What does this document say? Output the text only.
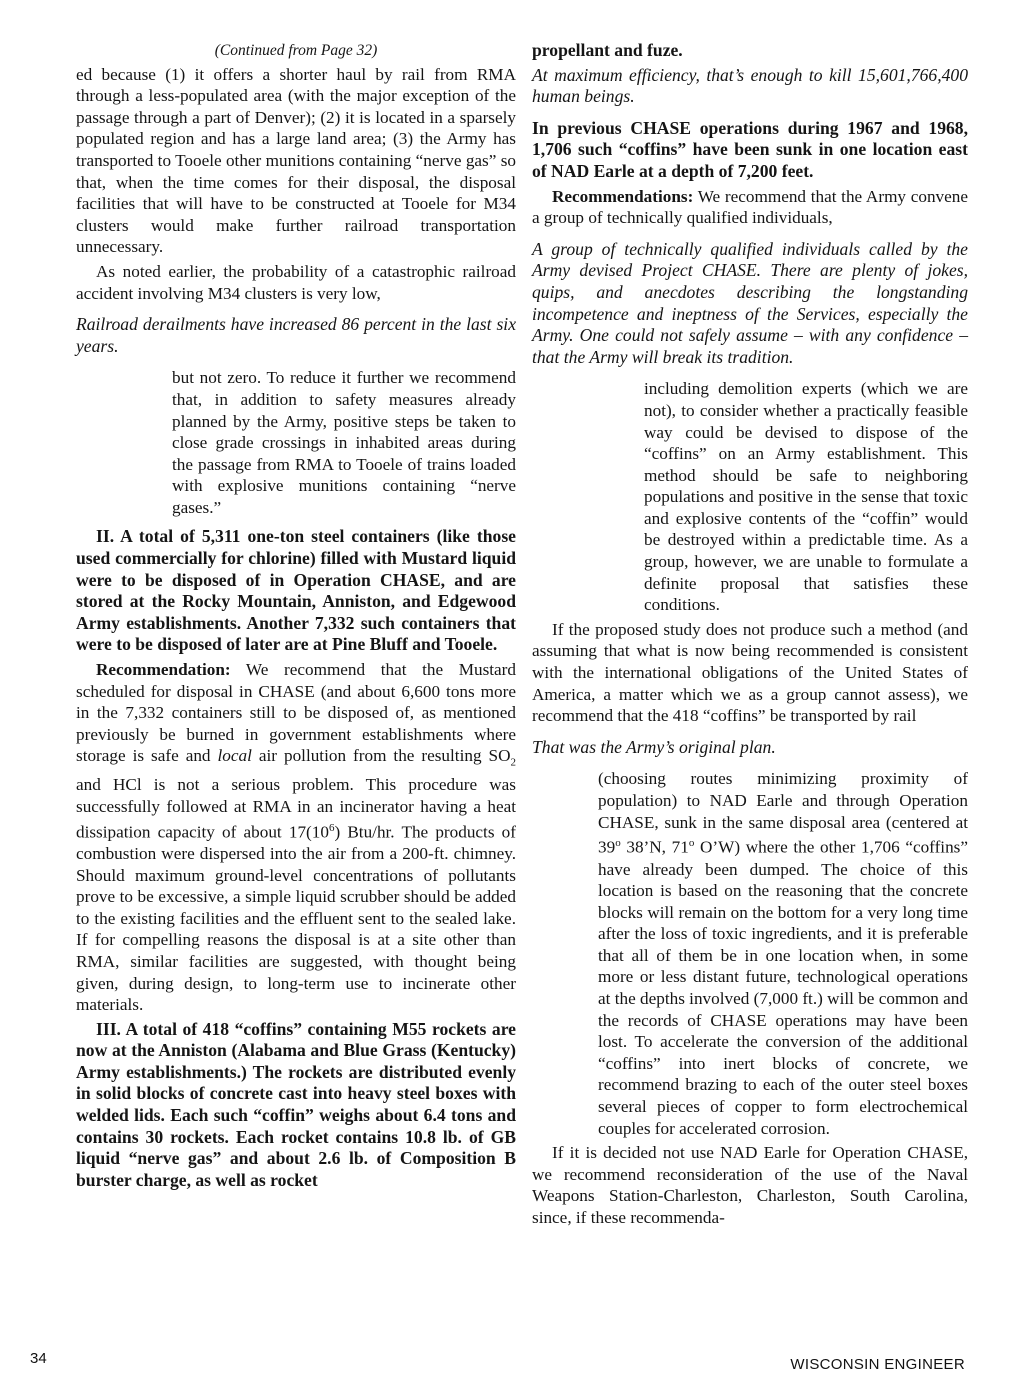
(Continued from Page 32)

ed because (1) it offers a shorter haul by rail from RMA through a less-populated area (with the major exception of the passage through a part of Denver); (2) it is located in a sparsely populated region and has a large land area; (3) the Army has transported to Tooele other munitions containing “nerve gas” so that, when the time comes for their disposal, the disposal facilities that will have to be constructed at Tooele for M34 clusters would make further railroad transportation unnecessary.

As noted earlier, the probability of a catastrophic railroad accident involving M34 clusters is very low,

Railroad derailments have increased 86 percent in the last six years.

but not zero. To reduce it further we recommend that, in addition to safety measures already planned by the Army, positive steps be taken to close grade crossings in inhabited areas during the passage from RMA to Tooele of trains loaded with explosive munitions containing “nerve gases.”

II. A total of 5,311 one-ton steel containers (like those used commercially for chlorine) filled with Mustard liquid were to be disposed of in Operation CHASE, and are stored at the Rocky Mountain, Anniston, and Edgewood Army establishments. Another 7,332 such containers that were to be disposed of later are at Pine Bluff and Tooele.

Recommendation: We recommend that the Mustard scheduled for disposal in CHASE (and about 6,600 tons more in the 7,332 containers still to be disposed of, as mentioned previously be burned in government establishments where storage is safe and local air pollution from the resulting $SO_2$ and HCl is not a serious problem. This procedure was successfully followed at RMA in an incinerator having a heat dissipation capacity of about $17(10^6)$ Btu/hr. The products of combustion were dispersed into the air from a 200-ft. chimney. Should maximum ground-level concentrations of pollutants prove to be excessive, a simple liquid scrubber should be added to the existing facilities and the effluent sent to the sealed lake. If for compelling reasons the disposal is at a site other than RMA, similar facilities are suggested, with thought being given, during design, to long-term use to incinerate other materials.

III. A total of 418 “coffins” containing M55 rockets are now at the Anniston (Alabama and Blue Grass (Kentucky) Army establishments.) The rockets are distributed evenly in solid blocks of concrete cast into heavy steel boxes with welded lids. Each such “coffin” weighs about 6.4 tons and contains 30 rockets. Each rocket contains 10.8 lb. of GB liquid “nerve gas” and about 2.6 lb. of Composition B burster charge, as well as rocket

propellant and fuze.

At maximum efficiency, that’s enough to kill 15,601,766,400 human beings.

In previous CHASE operations during 1967 and 1968, 1,706 such “coffins” have been sunk in one location east of NAD Earle at a depth of 7,200 feet.

Recommendations: We recommend that the Army convene a group of technically qualified individuals,

A group of technically qualified individuals called by the Army devised Project CHASE. There are plenty of jokes, quips, and anecdotes describing the longstanding incompetence and ineptness of the Services, especially the Army. One could not safely assume – with any confidence – that the Army will break its tradition.

including demolition experts (which we are not), to consider whether a practically feasible way could be devised to dispose of the “coffins” on an Army establishment. This method should be safe to neighboring populations and positive in the sense that toxic and explosive contents of the “coffin” would be destroyed within a predictable time. As a group, however, we are unable to formulate a definite proposal that satisfies these conditions.

If the proposed study does not produce such a method (and assuming that what is now being recommended is consistent with the international obligations of the United States of America, a matter which we as a group cannot assess), we recommend that the 418 “coffins” be transported by rail

That was the Army’s original plan.

(choosing routes minimizing proximity of population) to NAD Earle and through Operation CHASE, sunk in the same disposal area (centered at 39$^o$ 38’N, 71$^o$ O’W) where the other 1,706 “coffins” have already been dumped. The choice of this location is based on the reasoning that the concrete blocks will remain on the bottom for a very long time after the loss of toxic ingredients, and it is preferable that all of them be in one location when, in some more or less distant future, technological operations at the depths involved (7,000 ft.) will be common and the records of CHASE operations may have been lost. To accelerate the conversion of the additional “coffins” into inert blocks of concrete, we recommend brazing to each of the outer steel boxes several pieces of copper to form electrochemical couples for accelerated corrosion.

If it is decided not use NAD Earle for Operation CHASE, we recommend reconsideration of the use of the Naval Weapons Station-Charleston, Charleston, South Carolina, since, if these recommenda-

34	WISCONSIN ENGINEER
